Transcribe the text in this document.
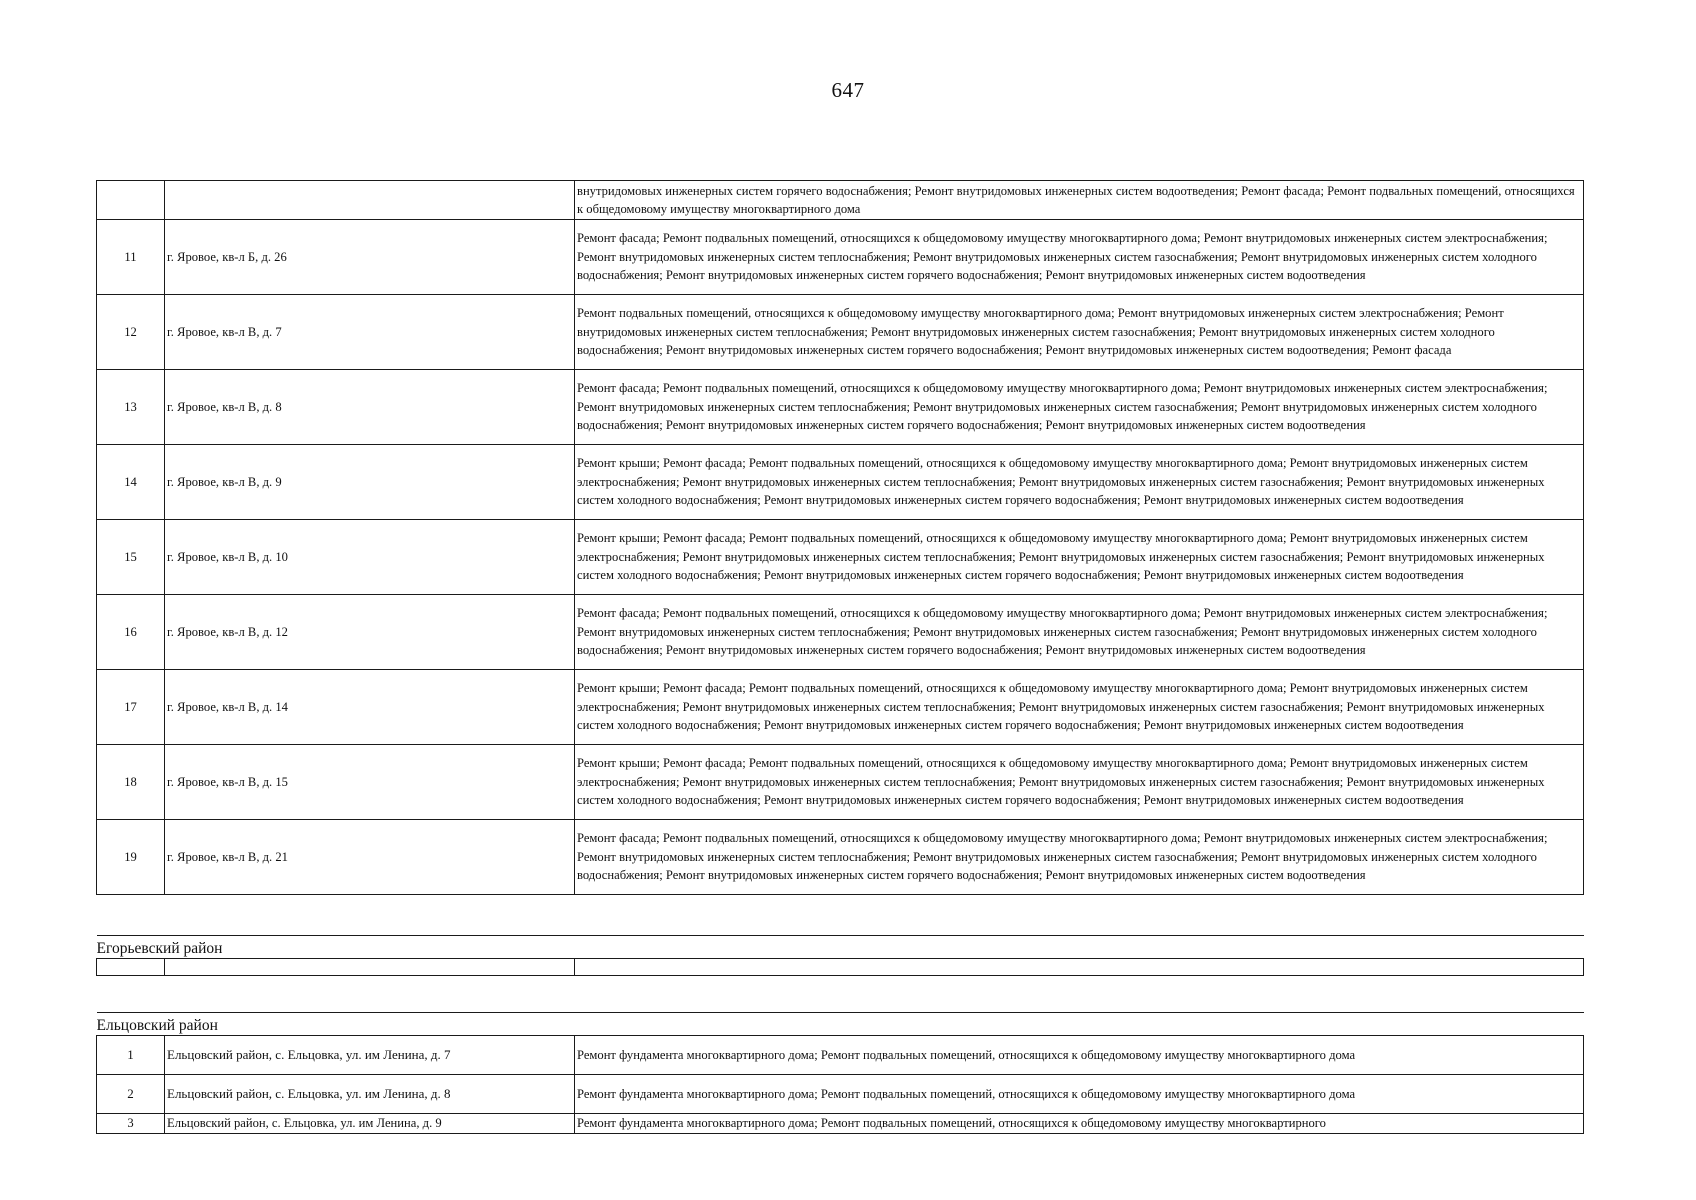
647
		внутридомовых инженерных систем горячего водоснабжения; Ремонт внутридомовых инженерных систем водоотведения; Ремонт фасада; Ремонт подвальных помещений, относящихся к общедомовому имуществу многоквартирного дома
11	г. Яровое, кв-л Б, д. 26	Ремонт фасада; Ремонт подвальных помещений, относящихся к общедомовому имуществу многоквартирного дома; Ремонт внутридомовых инженерных систем электроснабжения; Ремонт внутридомовых инженерных систем теплоснабжения; Ремонт внутридомовых инженерных систем газоснабжения; Ремонт внутридомовых инженерных систем холодного водоснабжения; Ремонт внутридомовых инженерных систем горячего водоснабжения; Ремонт внутридомовых инженерных систем водоотведения
12	г. Яровое, кв-л В, д. 7	Ремонт подвальных помещений, относящихся к общедомовому имуществу многоквартирного дома; Ремонт внутридомовых инженерных систем электроснабжения; Ремонт внутридомовых инженерных систем теплоснабжения; Ремонт внутридомовых инженерных систем газоснабжения; Ремонт внутридомовых инженерных систем холодного водоснабжения; Ремонт внутридомовых инженерных систем горячего водоснабжения; Ремонт внутридомовых инженерных систем водоотведения; Ремонт фасада
13	г. Яровое, кв-л В, д. 8	Ремонт фасада; Ремонт подвальных помещений, относящихся к общедомовому имуществу многоквартирного дома; Ремонт внутридомовых инженерных систем электроснабжения; Ремонт внутридомовых инженерных систем теплоснабжения; Ремонт внутридомовых инженерных систем газоснабжения; Ремонт внутридомовых инженерных систем холодного водоснабжения; Ремонт внутридомовых инженерных систем горячего водоснабжения; Ремонт внутридомовых инженерных систем водоотведения
14	г. Яровое, кв-л В, д. 9	Ремонт крыши; Ремонт фасада; Ремонт подвальных помещений, относящихся к общедомовому имуществу многоквартирного дома; Ремонт внутридомовых инженерных систем электроснабжения; Ремонт внутридомовых инженерных систем теплоснабжения; Ремонт внутридомовых инженерных систем газоснабжения; Ремонт внутридомовых инженерных систем холодного водоснабжения; Ремонт внутридомовых инженерных систем горячего водоснабжения; Ремонт внутридомовых инженерных систем водоотведения
15	г. Яровое, кв-л В, д. 10	Ремонт крыши; Ремонт фасада; Ремонт подвальных помещений, относящихся к общедомовому имуществу многоквартирного дома; Ремонт внутридомовых инженерных систем электроснабжения; Ремонт внутридомовых инженерных систем теплоснабжения; Ремонт внутридомовых инженерных систем газоснабжения; Ремонт внутридомовых инженерных систем холодного водоснабжения; Ремонт внутридомовых инженерных систем горячего водоснабжения; Ремонт внутридомовых инженерных систем водоотведения
16	г. Яровое, кв-л В, д. 12	Ремонт фасада; Ремонт подвальных помещений, относящихся к общедомовому имуществу многоквартирного дома; Ремонт внутридомовых инженерных систем электроснабжения; Ремонт внутридомовых инженерных систем теплоснабжения; Ремонт внутридомовых инженерных систем газоснабжения; Ремонт внутридомовых инженерных систем холодного водоснабжения; Ремонт внутридомовых инженерных систем горячего водоснабжения; Ремонт внутридомовых инженерных систем водоотведения
17	г. Яровое, кв-л В, д. 14	Ремонт крыши; Ремонт фасада; Ремонт подвальных помещений, относящихся к общедомовому имуществу многоквартирного дома; Ремонт внутридомовых инженерных систем электроснабжения; Ремонт внутридомовых инженерных систем теплоснабжения; Ремонт внутридомовых инженерных систем газоснабжения; Ремонт внутридомовых инженерных систем холодного водоснабжения; Ремонт внутридомовых инженерных систем горячего водоснабжения; Ремонт внутридомовых инженерных систем водоотведения
18	г. Яровое, кв-л В, д. 15	Ремонт крыши; Ремонт фасада; Ремонт подвальных помещений, относящихся к общедомовому имуществу многоквартирного дома; Ремонт внутридомовых инженерных систем электроснабжения; Ремонт внутридомовых инженерных систем теплоснабжения; Ремонт внутридомовых инженерных систем газоснабжения; Ремонт внутридомовых инженерных систем холодного водоснабжения; Ремонт внутридомовых инженерных систем горячего водоснабжения; Ремонт внутридомовых инженерных систем водоотведения
19	г. Яровое, кв-л В, д. 21	Ремонт фасада; Ремонт подвальных помещений, относящихся к общедомовому имуществу многоквартирного дома; Ремонт внутридомовых инженерных систем электроснабжения; Ремонт внутридомовых инженерных систем теплоснабжения; Ремонт внутридомовых инженерных систем газоснабжения; Ремонт внутридомовых инженерных систем холодного водоснабжения; Ремонт внутридомовых инженерных систем горячего водоснабжения; Ремонт внутридомовых инженерных систем водоотведения

Егорьевский район		

Ельцовский район		
1	Ельцовский район, с. Ельцовка, ул. им Ленина, д. 7	Ремонт фундамента многоквартирного дома; Ремонт подвальных помещений, относящихся к общедомовому имуществу многоквартирного дома
2	Ельцовский район, с. Ельцовка, ул. им Ленина, д. 8	Ремонт фундамента многоквартирного дома; Ремонт подвальных помещений, относящихся к общедомовому имуществу многоквартирного дома
3	Ельцовский район, с. Ельцовка, ул. им Ленина, д. 9	Ремонт фундамента многоквартирного дома; Ремонт подвальных помещений, относящихся к общедомовому имуществу многоквартирного
